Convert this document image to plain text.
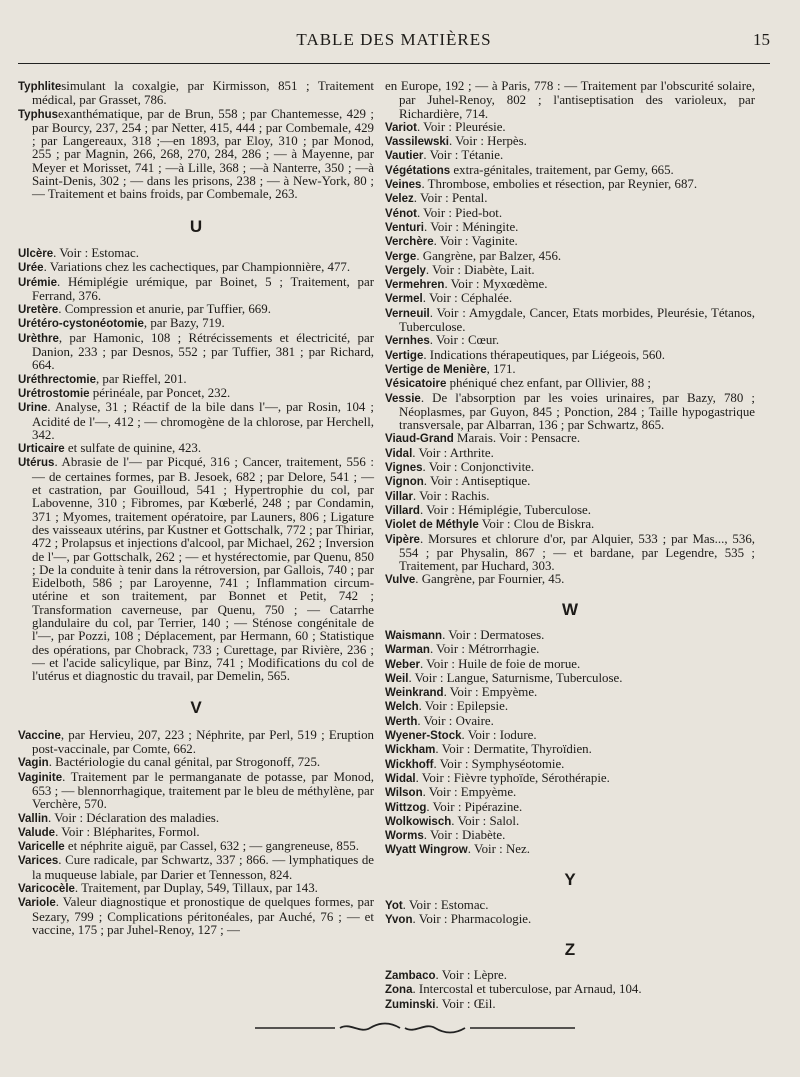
TABLE DES MATIÈRES	15

Typhlitesimulant la coxalgie, par Kirmisson, 851 ; Traitement médical, par Grasset, 786.

Typhusexanthématique, par de Brun, 558 ; par Chantemesse, 429 ; par Bourcy, 237, 254 ; par Netter, 415, 444 ; par Combemale, 429 ; par Langereaux, 318 ;—en 1893, par Eloy, 310 ; par Monod, 255 ; par Magnin, 266, 268, 270, 284, 286 ; — à Mayenne, par Meyer et Morisset, 741 ; —à Lille, 368 ; —à Nanterre, 350 ; —à Saint-Denis, 302 ; — dans les prisons, 238 ; — à New-York, 80 ; — Traitement et bains froids, par Combemale, 263.

U

Ulcère. Voir : Estomac.

Urée. Variations chez les cachectiques, par Championnière, 477.

Urémie. Hémiplégie urémique, par Boinet, 5 ; Traitement, par Ferrand, 376.

Uretère. Compression et anurie, par Tuffier, 669.

Urétéro-cystonéotomie, par Bazy, 719.

Urèthre, par Hamonic, 108 ; Rétrécissements et électricité, par Danion, 233 ; par Desnos, 552 ; par Tuffier, 381 ; par Richard, 664.

Uréthrectomie, par Rieffel, 201.

Urétrostomie périnéale, par Poncet, 232.

Urine. Analyse, 31 ; Réactif de la bile dans l'—, par Rosin, 104 ; Acidité de l'—, 412 ; — chromogène de la chlorose, par Herchell, 342.

Urticaire et sulfate de quinine, 423.

Utérus. Abrasie de l'— par Picqué, 316 ; Cancer, traitement, 556 : — de certaines formes, par B. Jesoek, 682 ; par Delore, 541 ; — et castration, par Gouilloud, 541 ; Hypertrophie du col, par Labovenne, 310 ; Fibromes, par Kœberlé, 248 ; par Condamin, 371 ; Myomes, traitement opératoire, par Launers, 806 ; Ligature des vaisseaux utérins, par Kustner et Gottschalk, 772 ; par Thiriar, 472 ; Prolapsus et injections d'alcool, par Michael, 262 ; Inversion de l'—, par Gottschalk, 262 ; — et hystérectomie, par Quenu, 850 ; De la conduite à tenir dans la rétroversion, par Gallois, 740 ; par Eidelboth, 586 ; par Laroyenne, 741 ; Inflammation circum-utérine et son traitement, par Bonnet et Petit, 742 ; Transformation caverneuse, par Quenu, 750 ; — Catarrhe glandulaire du col, par Terrier, 140 ; — Sténose congénitale de l'—, par Pozzi, 108 ; Déplacement, par Hermann, 60 ; Statistique des opérations, par Chobrack, 733 ; Curettage, par Rivière, 236 ; — et l'acide salicylique, par Binz, 741 ; Modifications du col de l'utérus et diagnostic du travail, par Demelin, 565.

V

Vaccine, par Hervieu, 207, 223 ; Néphrite, par Perl, 519 ; Eruption post-vaccinale, par Comte, 662.

Vagin. Bactériologie du canal génital, par Strogonoff, 725.

Vaginite. Traitement par le permanganate de potasse, par Monod, 653 ; — blennorrhagique, traitement par le bleu de méthylène, par Verchère, 570.

Vallin. Voir : Déclaration des maladies.

Valude. Voir : Blépharites, Formol.

Varicelle et néphrite aiguë, par Cassel, 632 ; — gangreneuse, 855.

Varices. Cure radicale, par Schwartz, 337 ; 866. — lymphatiques de la muqueuse labiale, par Darier et Tennesson, 824.

Varicocèle. Traitement, par Duplay, 549, Tillaux, par 143.

Variole. Valeur diagnostique et pronostique de quelques formes, par Sezary, 799 ; Complications péritonéales, par Auché, 76 ; — et vaccine, 175 ; par Juhel-Renoy, 127 ; —

en Europe, 192 ; — à Paris, 778 : — Traitement par l'obscurité solaire, par Juhel-Renoy, 802 ; l'antiseptisation des varioleux, par Richardière, 714.

Variot. Voir : Pleurésie.

Vassilewski. Voir : Herpès.

Vautier. Voir : Tétanie.

Végétations extra-génitales, traitement, par Gemy, 665.

Veines. Thrombose, embolies et résection, par Reynier, 687.

Velez. Voir : Pental.

Vénot. Voir : Pied-bot.

Venturi. Voir : Méningite.

Verchère. Voir : Vaginite.

Verge. Gangrène, par Balzer, 456.

Vergely. Voir : Diabète, Lait.

Vermehren. Voir : Myxœdème.

Vermel. Voir : Céphalée.

Verneuil. Voir : Amygdale, Cancer, Etats morbides, Pleurésie, Tétanos, Tuberculose.

Vernhes. Voir : Cœur.

Vertige. Indications thérapeutiques, par Liégeois, 560.

Vertige de Menière, 171.

Vésicatoire phéniqué chez enfant, par Ollivier, 88 ;

Vessie. De l'absorption par les voies urinaires, par Bazy, 780 ; Néoplasmes, par Guyon, 845 ; Ponction, 284 ; Taille hypogastrique transversale, par Albarran, 136 ; par Schwartz, 865.

Viaud-Grand Marais. Voir : Pensacre.

Vidal. Voir : Arthrite.

Vignes. Voir : Conjonctivite.

Vignon. Voir : Antiseptique.

Villar. Voir : Rachis.

Villard. Voir : Hémiplégie, Tuberculose.

Violet de Méthyle Voir : Clou de Biskra.

Vipère. Morsures et chlorure d'or, par Alquier, 533 ; par Mas..., 536, 554 ; par Physalin, 867 ; — et bardane, par Legendre, 535 ; Traitement, par Huchard, 303.

Vulve. Gangrène, par Fournier, 45.

W

Waismann. Voir : Dermatoses.

Warman. Voir : Métrorrhagie.

Weber. Voir : Huile de foie de morue.

Weil. Voir : Langue, Saturnisme, Tuberculose.

Weinkrand. Voir : Empyème.

Welch. Voir : Epilepsie.

Werth. Voir : Ovaire.

Wyener-Stock. Voir : Iodure.

Wickham. Voir : Dermatite, Thyroïdien.

Wickhoff. Voir : Symphyséotomie.

Widal. Voir : Fièvre typhoïde, Sérothérapie.

Wilson. Voir : Empyème.

Wittzog. Voir : Pipérazine.

Wolkowisch. Voir : Salol.

Worms. Voir : Diabète.

Wyatt Wingrow. Voir : Nez.

Y

Yot. Voir : Estomac.

Yvon. Voir : Pharmacologie.

Z

Zambaco. Voir : Lèpre.

Zona. Intercostal et tuberculose, par Arnaud, 104.

Zuminski. Voir : Œil.
